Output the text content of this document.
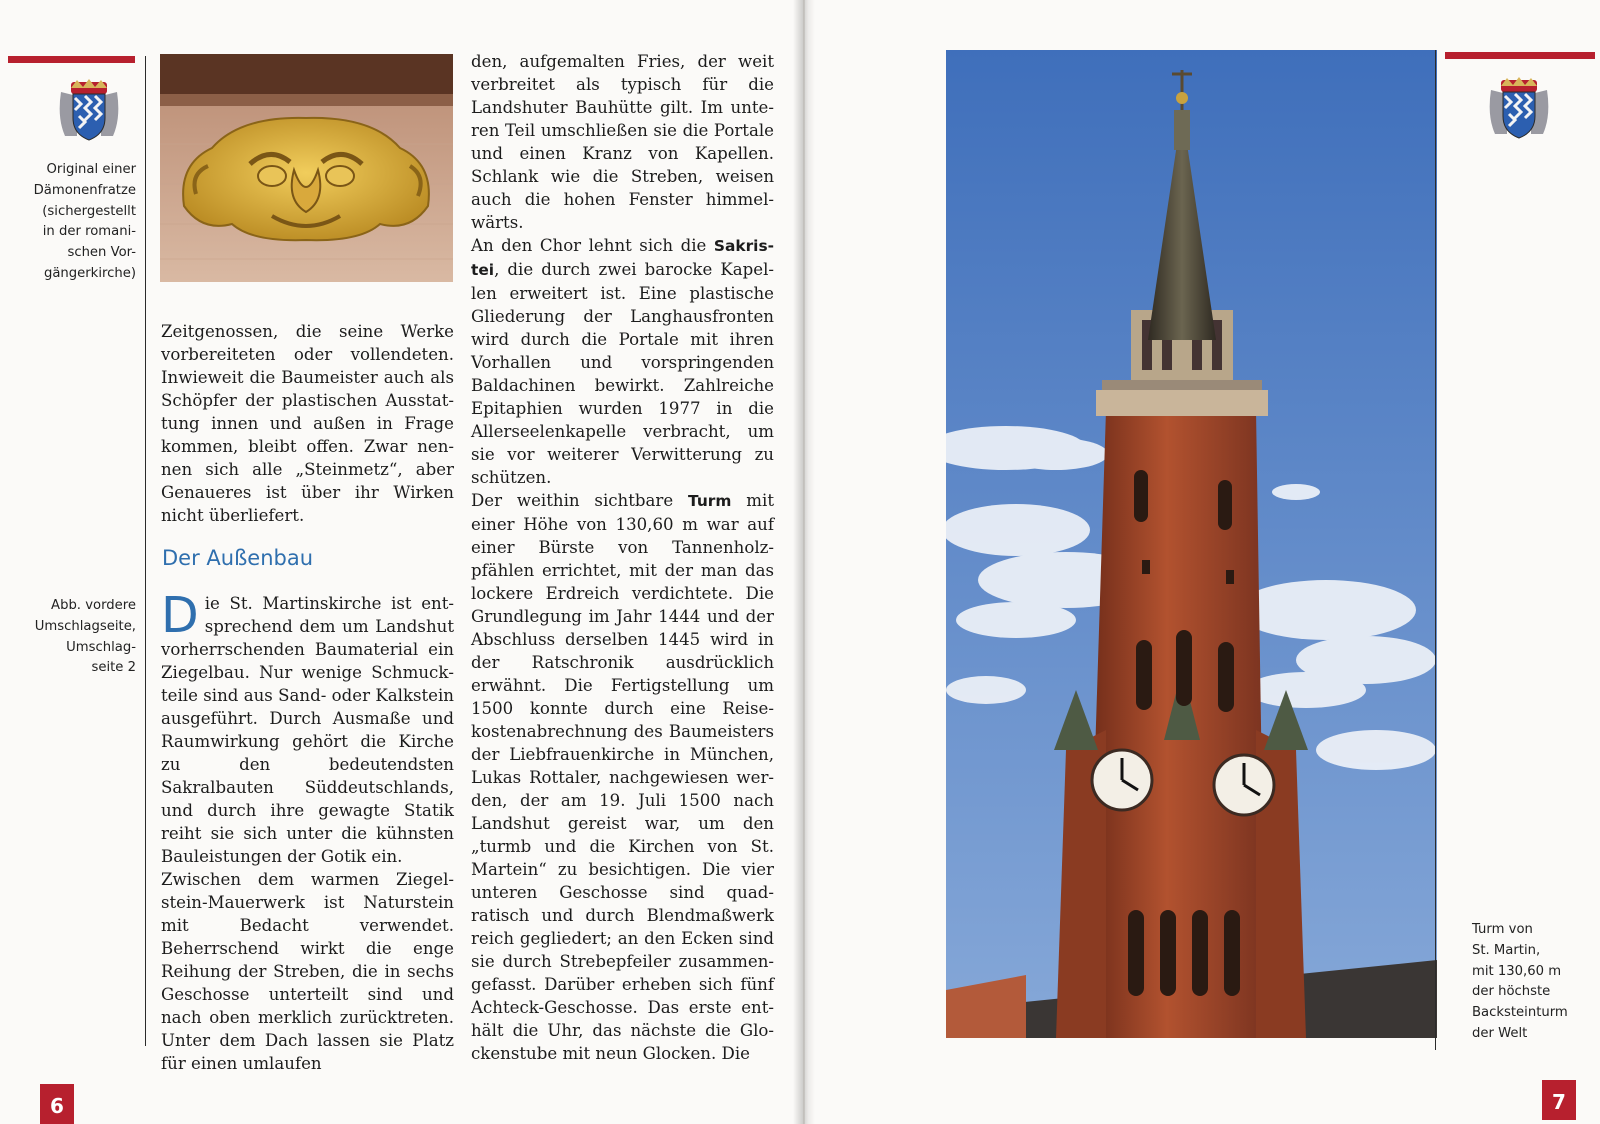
Original einer
Dämonenfratze
(sichergestellt
in der romani-
schen Vor-
gängerkirche)
Abb. vordere
Umschlagseite,
Umschlag-
seite 2

Zeitgenossen, die seine Werke vorbereiteten oder vollendeten. Inwieweit die Baumeister auch als Schöpfer der plastischen Ausstattung innen und außen in Frage kommen, bleibt offen. Zwar nennen sich alle „Steinmetz“, aber Genaueres ist über ihr Wirken nicht überliefert.

Der Außenbau

Die St. Martinskirche ist entsprechend dem um Landshut vorherrschenden Baumaterial ein Ziegelbau. Nur wenige Schmuckteile sind aus Sand- oder Kalkstein ausgeführt. Durch Ausmaße und Raumwirkung gehört die Kirche zu den bedeutendsten Sakralbauten Süddeutschlands, und durch ihre gewagte Statik reiht sie sich unter die kühnsten Bauleistungen der Gotik ein.

Zwischen dem warmen Ziegelstein-Mauerwerk ist Naturstein mit Bedacht verwendet. Beherrschend wirkt die enge Reihung der Streben, die in sechs Geschosse unterteilt sind und nach oben merklich zurücktreten. Unter dem Dach lassen sie Platz für einen umlaufen

den, aufgemalten Fries, der weit verbreitet als typisch für die Landshuter Bauhütte gilt. Im unteren Teil umschließen sie die Portale und einen Kranz von Kapellen. Schlank wie die Streben, weisen auch die hohen Fenster himmelwärts.

An den Chor lehnt sich die Sakristei, die durch zwei barocke Kapellen erweitert ist. Eine plastische Gliederung der Langhausfronten wird durch die Portale mit ihren Vorhallen und vorspringenden Baldachinen bewirkt. Zahlreiche Epitaphien wurden 1977 in die Allerseelenkapelle verbracht, um sie vor weiterer Verwitterung zu schützen.

Der weithin sichtbare Turm mit einer Höhe von 130,60 m war auf einer Bürste von Tannenholzpfählen errichtet, mit der man das lockere Erdreich verdichtete. Die Grundlegung im Jahr 1444 und der Abschluss derselben 1445 wird in der Ratschronik ausdrücklich erwähnt. Die Fertigstellung um 1500 konnte durch eine Reisekostenabrechnung des Baumeisters der Liebfrauenkirche in München, Lukas Rottaler, nachgewiesen werden, der am 19. Juli 1500 nach Landshut gereist war, um den „turmb und die Kirchen von St. Martein“ zu besichtigen. Die vier unteren Geschosse sind quadratisch und durch Blendmaßwerk reich gegliedert; an den Ecken sind sie durch Strebepfeiler zusammengefasst. Darüber erheben sich fünf Achteck-Geschosse. Das erste enthält die Uhr, das nächste die Glockenstube mit neun Glocken. Die

6
Turm von
St. Martin,
mit 130,60 m
der höchste
Backsteinturm
der Welt
7
